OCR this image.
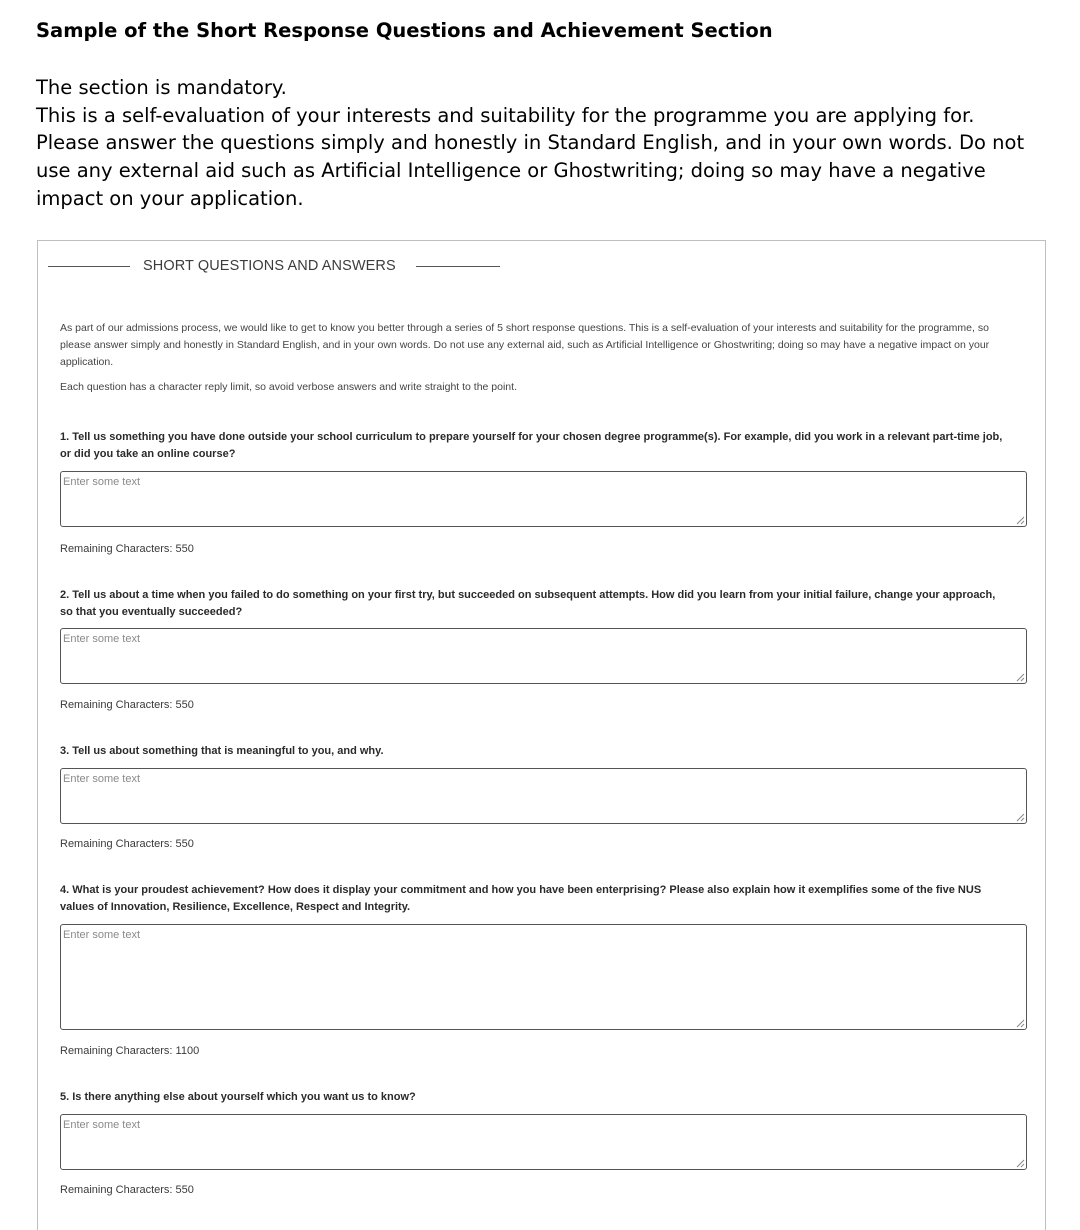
Sample of the Short Response Questions and Achievement Section

The section is mandatory.

This is a self-evaluation of your interests and suitability for the programme you are applying for.

Please answer the questions simply and honestly in Standard English, and in your own words. Do not use any external aid such as Artificial Intelligence or Ghostwriting; doing so may have a negative impact on your application.

SHORT QUESTIONS AND ANSWERS

As part of our admissions process, we would like to get to know you better through a series of 5 short response questions. This is a self-evaluation of your interests and suitability for the programme, so please answer simply and honestly in Standard English, and in your own words. Do not use any external aid, such as Artificial Intelligence or Ghostwriting; doing so may have a negative impact on your application.

Each question has a character reply limit, so avoid verbose answers and write straight to the point.

1. Tell us something you have done outside your school curriculum to prepare yourself for your chosen degree programme(s). For example, did you work in a relevant part-time job, or did you take an online course?
Enter some text
Remaining Characters: 550
2. Tell us about a time when you failed to do something on your first try, but succeeded on subsequent attempts. How did you learn from your initial failure, change your approach, so that you eventually succeeded?
Enter some text
Remaining Characters: 550
3. Tell us about something that is meaningful to you, and why.
Enter some text
Remaining Characters: 550
4. What is your proudest achievement? How does it display your commitment and how you have been enterprising? Please also explain how it exemplifies some of the five NUS values of Innovation, Resilience, Excellence, Respect and Integrity.
Enter some text
Remaining Characters: 1100
5. Is there anything else about yourself which you want us to know?
Enter some text
Remaining Characters: 550
